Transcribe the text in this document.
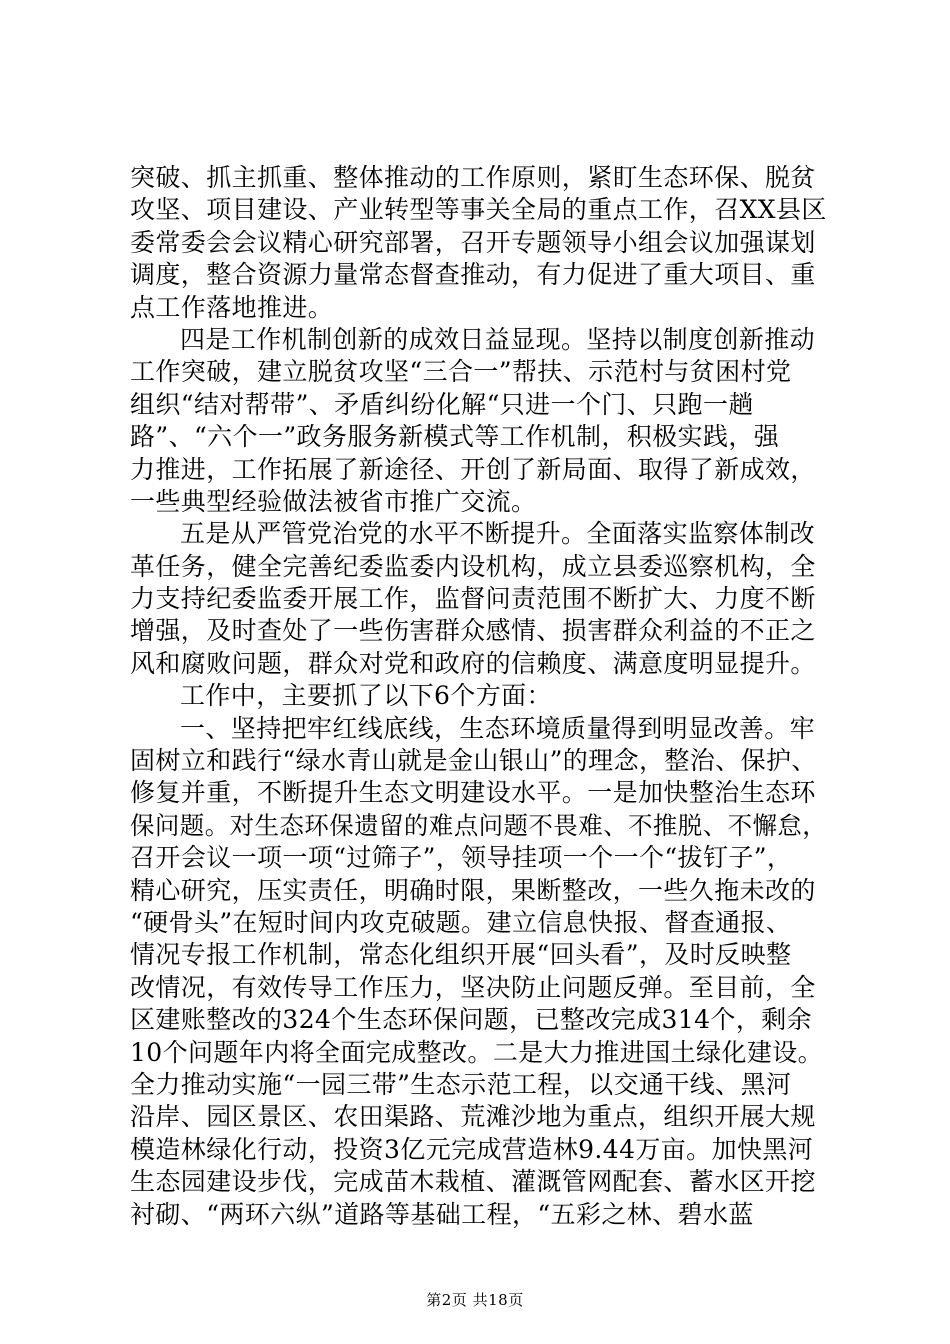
突破、抓主抓重、整体推动的工作原则，紧盯生态环保、脱贫
攻坚、项目建设、产业转型等事关全局的重点工作，召XX县区
委常委会会议精心研究部署，召开专题领导小组会议加强谋划
调度，整合资源力量常态督查推动，有力促进了重大项目、重
点工作落地推进。
四是工作机制创新的成效日益显现。坚持以制度创新推动
工作突破，建立脱贫攻坚“三合一”帮扶、示范村与贫困村党
组织“结对帮带”、矛盾纠纷化解“只进一个门、只跑一趟
路”、“六个一”政务服务新模式等工作机制，积极实践，强
力推进，工作拓展了新途径、开创了新局面、取得了新成效，
一些典型经验做法被省市推广交流。
五是从严管党治党的水平不断提升。全面落实监察体制改
革任务，健全完善纪委监委内设机构，成立县委巡察机构，全
力支持纪委监委开展工作，监督问责范围不断扩大、力度不断
增强，及时查处了一些伤害群众感情、损害群众利益的不正之
风和腐败问题，群众对党和政府的信赖度、满意度明显提升。
工作中，主要抓了以下6个方面：
一、坚持把牢红线底线，生态环境质量得到明显改善。牢
固树立和践行“绿水青山就是金山银山”的理念，整治、保护、
修复并重，不断提升生态文明建设水平。一是加快整治生态环
保问题。对生态环保遗留的难点问题不畏难、不推脱、不懈怠，
召开会议一项一项“过筛子”，领导挂项一个一个“拔钉子”，
精心研究，压实责任，明确时限，果断整改，一些久拖未改的
“硬骨头”在短时间内攻克破题。建立信息快报、督查通报、
情况专报工作机制，常态化组织开展“回头看”，及时反映整
改情况，有效传导工作压力，坚决防止问题反弹。至目前，全
区建账整改的324个生态环保问题，已整改完成314个，剩余
10个问题年内将全面完成整改。二是大力推进国土绿化建设。
全力推动实施“一园三带”生态示范工程，以交通干线、黑河
沿岸、园区景区、农田渠路、荒滩沙地为重点，组织开展大规
模造林绿化行动，投资3亿元完成营造林9.44万亩。加快黑河
生态园建设步伐，完成苗木栽植、灌溉管网配套、蓄水区开挖
衬砌、“两环六纵”道路等基础工程，“五彩之林、碧水蓝
第2页 共18页
